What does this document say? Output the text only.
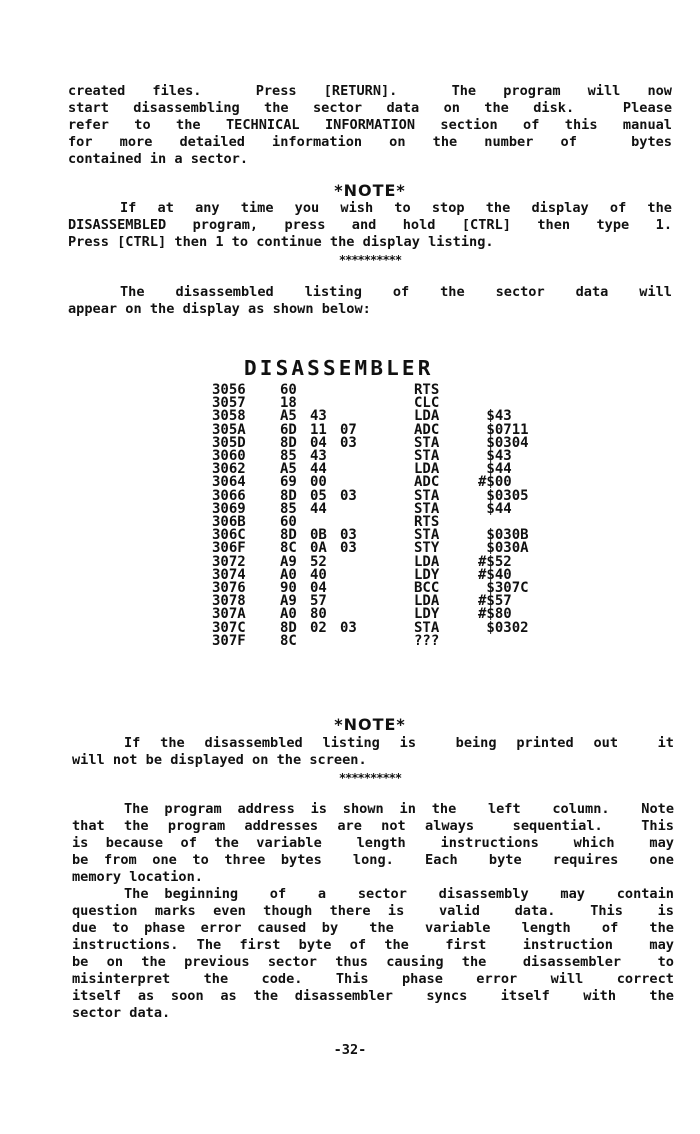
created files.  Press [RETURN].  The program will now
start disassembling the sector data on the disk.  Please
refer to the TECHNICAL INFORMATION section of this manual
for more detailed information on the number of  bytes
contained in a sector.
*NOTE*
If at any time you wish to stop the display of the
DISASSEMBLED program, press and hold [CTRL] then type 1.
Press [CTRL] then 1 to continue the display listing.
**********
The disassembled listing of the sector data will
appear on the display as shown below:
DISASSEMBLER
3056	60			RTS	
3057	18			CLC	
3058	A5	43		LDA	$43
305A	6D	11	07	ADC	$0711
305D	8D	04	03	STA	$0304
3060	85	43		STA	$43
3062	A5	44		LDA	$44
3064	69	00		ADC	#$00
3066	8D	05	03	STA	$0305
3069	85	44		STA	$44
306B	60			RTS	
306C	8D	0B	03	STA	$030B
306F	8C	0A	03	STY	$030A
3072	A9	52		LDA	#$52
3074	A0	40		LDY	#$40
3076	90	04		BCC	$307C
3078	A9	57		LDA	#$57
307A	A0	80		LDY	#$80
307C	8D	02	03	STA	$0302
307F	8C			???	
*NOTE*
If the disassembled listing is  being printed out  it
will not be displayed on the screen.
**********
The program address is shown in the  left  column.  Note
that the program addresses are not always  sequential.  This
is because of the variable  length  instructions  which  may
be from one to three bytes  long.  Each  byte  requires  one
memory location.
The beginning  of  a  sector  disassembly  may  contain
question marks even though there is  valid  data.  This  is
due to phase error caused by  the  variable  length  of  the
instructions. The first byte of the  first  instruction  may
be on the previous sector thus causing the  disassembler  to
misinterpret  the  code.  This  phase  error  will  correct
itself as soon as the disassembler  syncs  itself  with  the
sector data.
-32-
